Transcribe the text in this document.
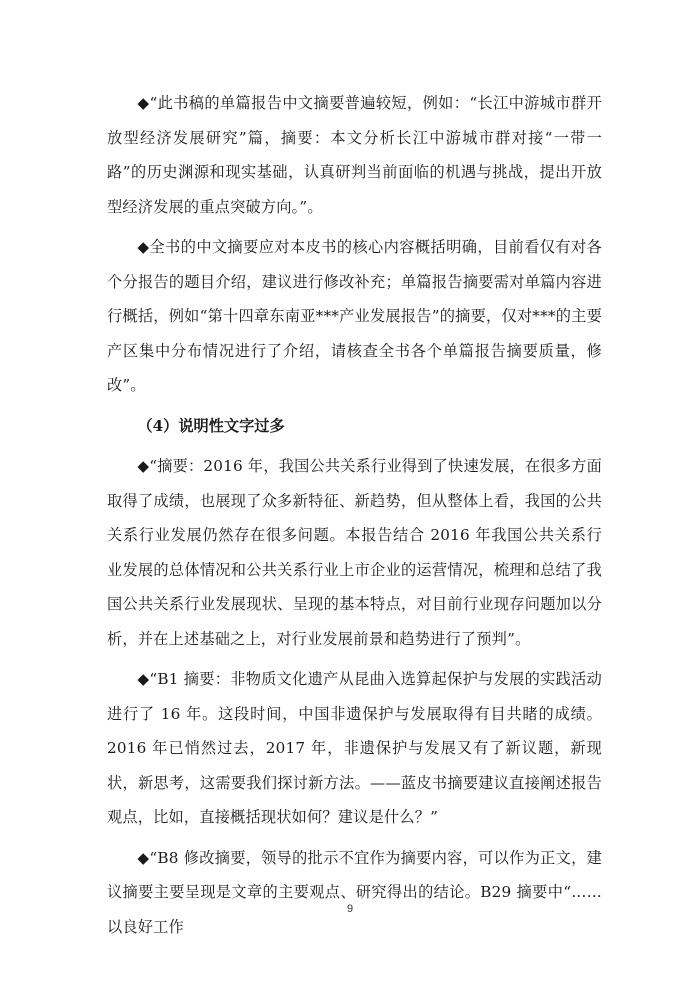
◆“此书稿的单篇报告中文摘要普遍较短，例如：“长江中游城市群开放型经济发展研究”篇，摘要：本文分析长江中游城市群对接“一带一路”的历史渊源和现实基础，认真研判当前面临的机遇与挑战，提出开放型经济发展的重点突破方向。”。

◆全书的中文摘要应对本皮书的核心内容概括明确，目前看仅有对各个分报告的题目介绍，建议进行修改补充；单篇报告摘要需对单篇内容进行概括，例如“第十四章东南亚***产业发展报告”的摘要，仅对***的主要产区集中分布情况进行了介绍，请核查全书各个单篇报告摘要质量，修改”。

（4）说明性文字过多

◆“摘要：2016 年，我国公共关系行业得到了快速发展，在很多方面取得了成绩，也展现了众多新特征、新趋势，但从整体上看，我国的公共关系行业发展仍然存在很多问题。本报告结合 2016 年我国公共关系行业发展的总体情况和公共关系行业上市企业的运营情况，梳理和总结了我国公共关系行业发展现状、呈现的基本特点，对目前行业现存问题加以分析，并在上述基础之上，对行业发展前景和趋势进行了预判”。

◆“B1 摘要：非物质文化遗产从昆曲入选算起保护与发展的实践活动进行了 16 年。这段时间，中国非遗保护与发展取得有目共睹的成绩。2016 年已悄然过去，2017 年，非遗保护与发展又有了新议题，新现状，新思考，这需要我们探讨新方法。——蓝皮书摘要建议直接阐述报告观点，比如，直接概括现状如何？建议是什么？”

◆“B8 修改摘要，领导的批示不宜作为摘要内容，可以作为正文，建议摘要主要呈现是文章的主要观点、研究得出的结论。B29 摘要中“……以良好工作

9
